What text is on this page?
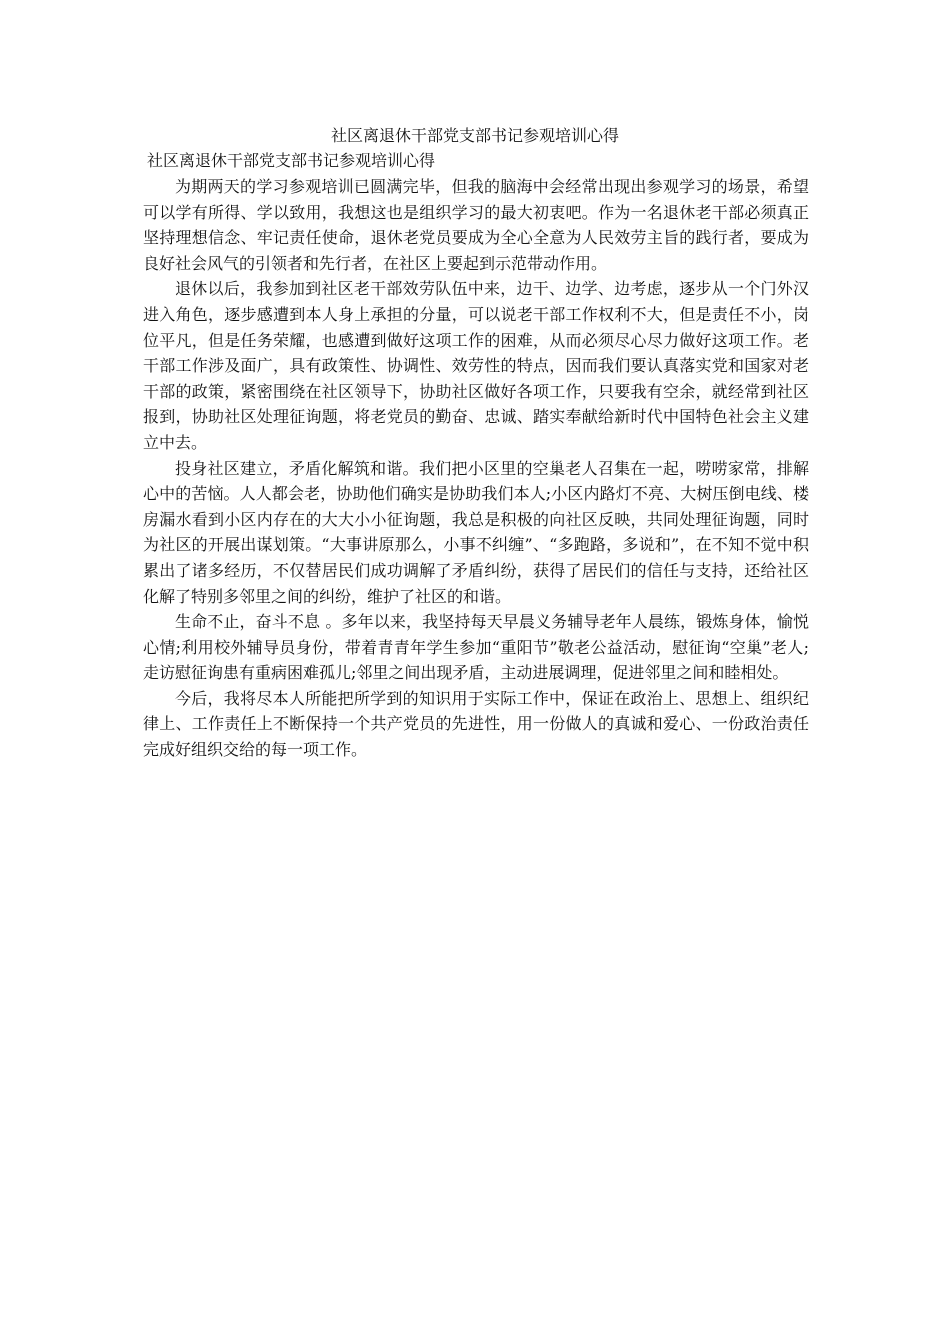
社区离退休干部党支部书记参观培训心得
社区离退休干部党支部书记参观培训心得

为期两天的学习参观培训已圆满完毕，但我的脑海中会经常出现出参观学习的场景，希望可以学有所得、学以致用，我想这也是组织学习的最大初衷吧。作为一名退休老干部必须真正坚持理想信念、牢记责任使命，退休老党员要成为全心全意为人民效劳主旨的践行者，要成为良好社会风气的引领者和先行者，在社区上要起到示范带动作用。

退休以后，我参加到社区老干部效劳队伍中来，边干、边学、边考虑，逐步从一个门外汉进入角色，逐步感遭到本人身上承担的分量，可以说老干部工作权利不大，但是责任不小，岗位平凡，但是任务荣耀，也感遭到做好这项工作的困难，从而必须尽心尽力做好这项工作。老干部工作涉及面广，具有政策性、协调性、效劳性的特点，因而我们要认真落实党和国家对老干部的政策，紧密围绕在社区领导下，协助社区做好各项工作，只要我有空余，就经常到社区报到，协助社区处理征询题，将老党员的勤奋、忠诚、踏实奉献给新时代中国特色社会主义建立中去。

投身社区建立，矛盾化解筑和谐。我们把小区里的空巢老人召集在一起，唠唠家常，排解心中的苦恼。人人都会老，协助他们确实是协助我们本人;小区内路灯不亮、大树压倒电线、楼房漏水看到小区内存在的大大小小征询题，我总是积极的向社区反映，共同处理征询题，同时为社区的开展出谋划策。“大事讲原那么，小事不纠缠”、“多跑路，多说和”，在不知不觉中积累出了诸多经历，不仅替居民们成功调解了矛盾纠纷，获得了居民们的信任与支持，还给社区化解了特别多邻里之间的纠纷，维护了社区的和谐。

生命不止，奋斗不息 。多年以来，我坚持每天早晨义务辅导老年人晨练，锻炼身体，愉悦心情;利用校外辅导员身份，带着青青年学生参加“重阳节”敬老公益活动，慰征询“空巢”老人;走访慰征询患有重病困难孤儿;邻里之间出现矛盾，主动进展调理，促进邻里之间和睦相处。

今后，我将尽本人所能把所学到的知识用于实际工作中，保证在政治上、思想上、组织纪律上、工作责任上不断保持一个共产党员的先进性，用一份做人的真诚和爱心、一份政治责任完成好组织交给的每一项工作。
